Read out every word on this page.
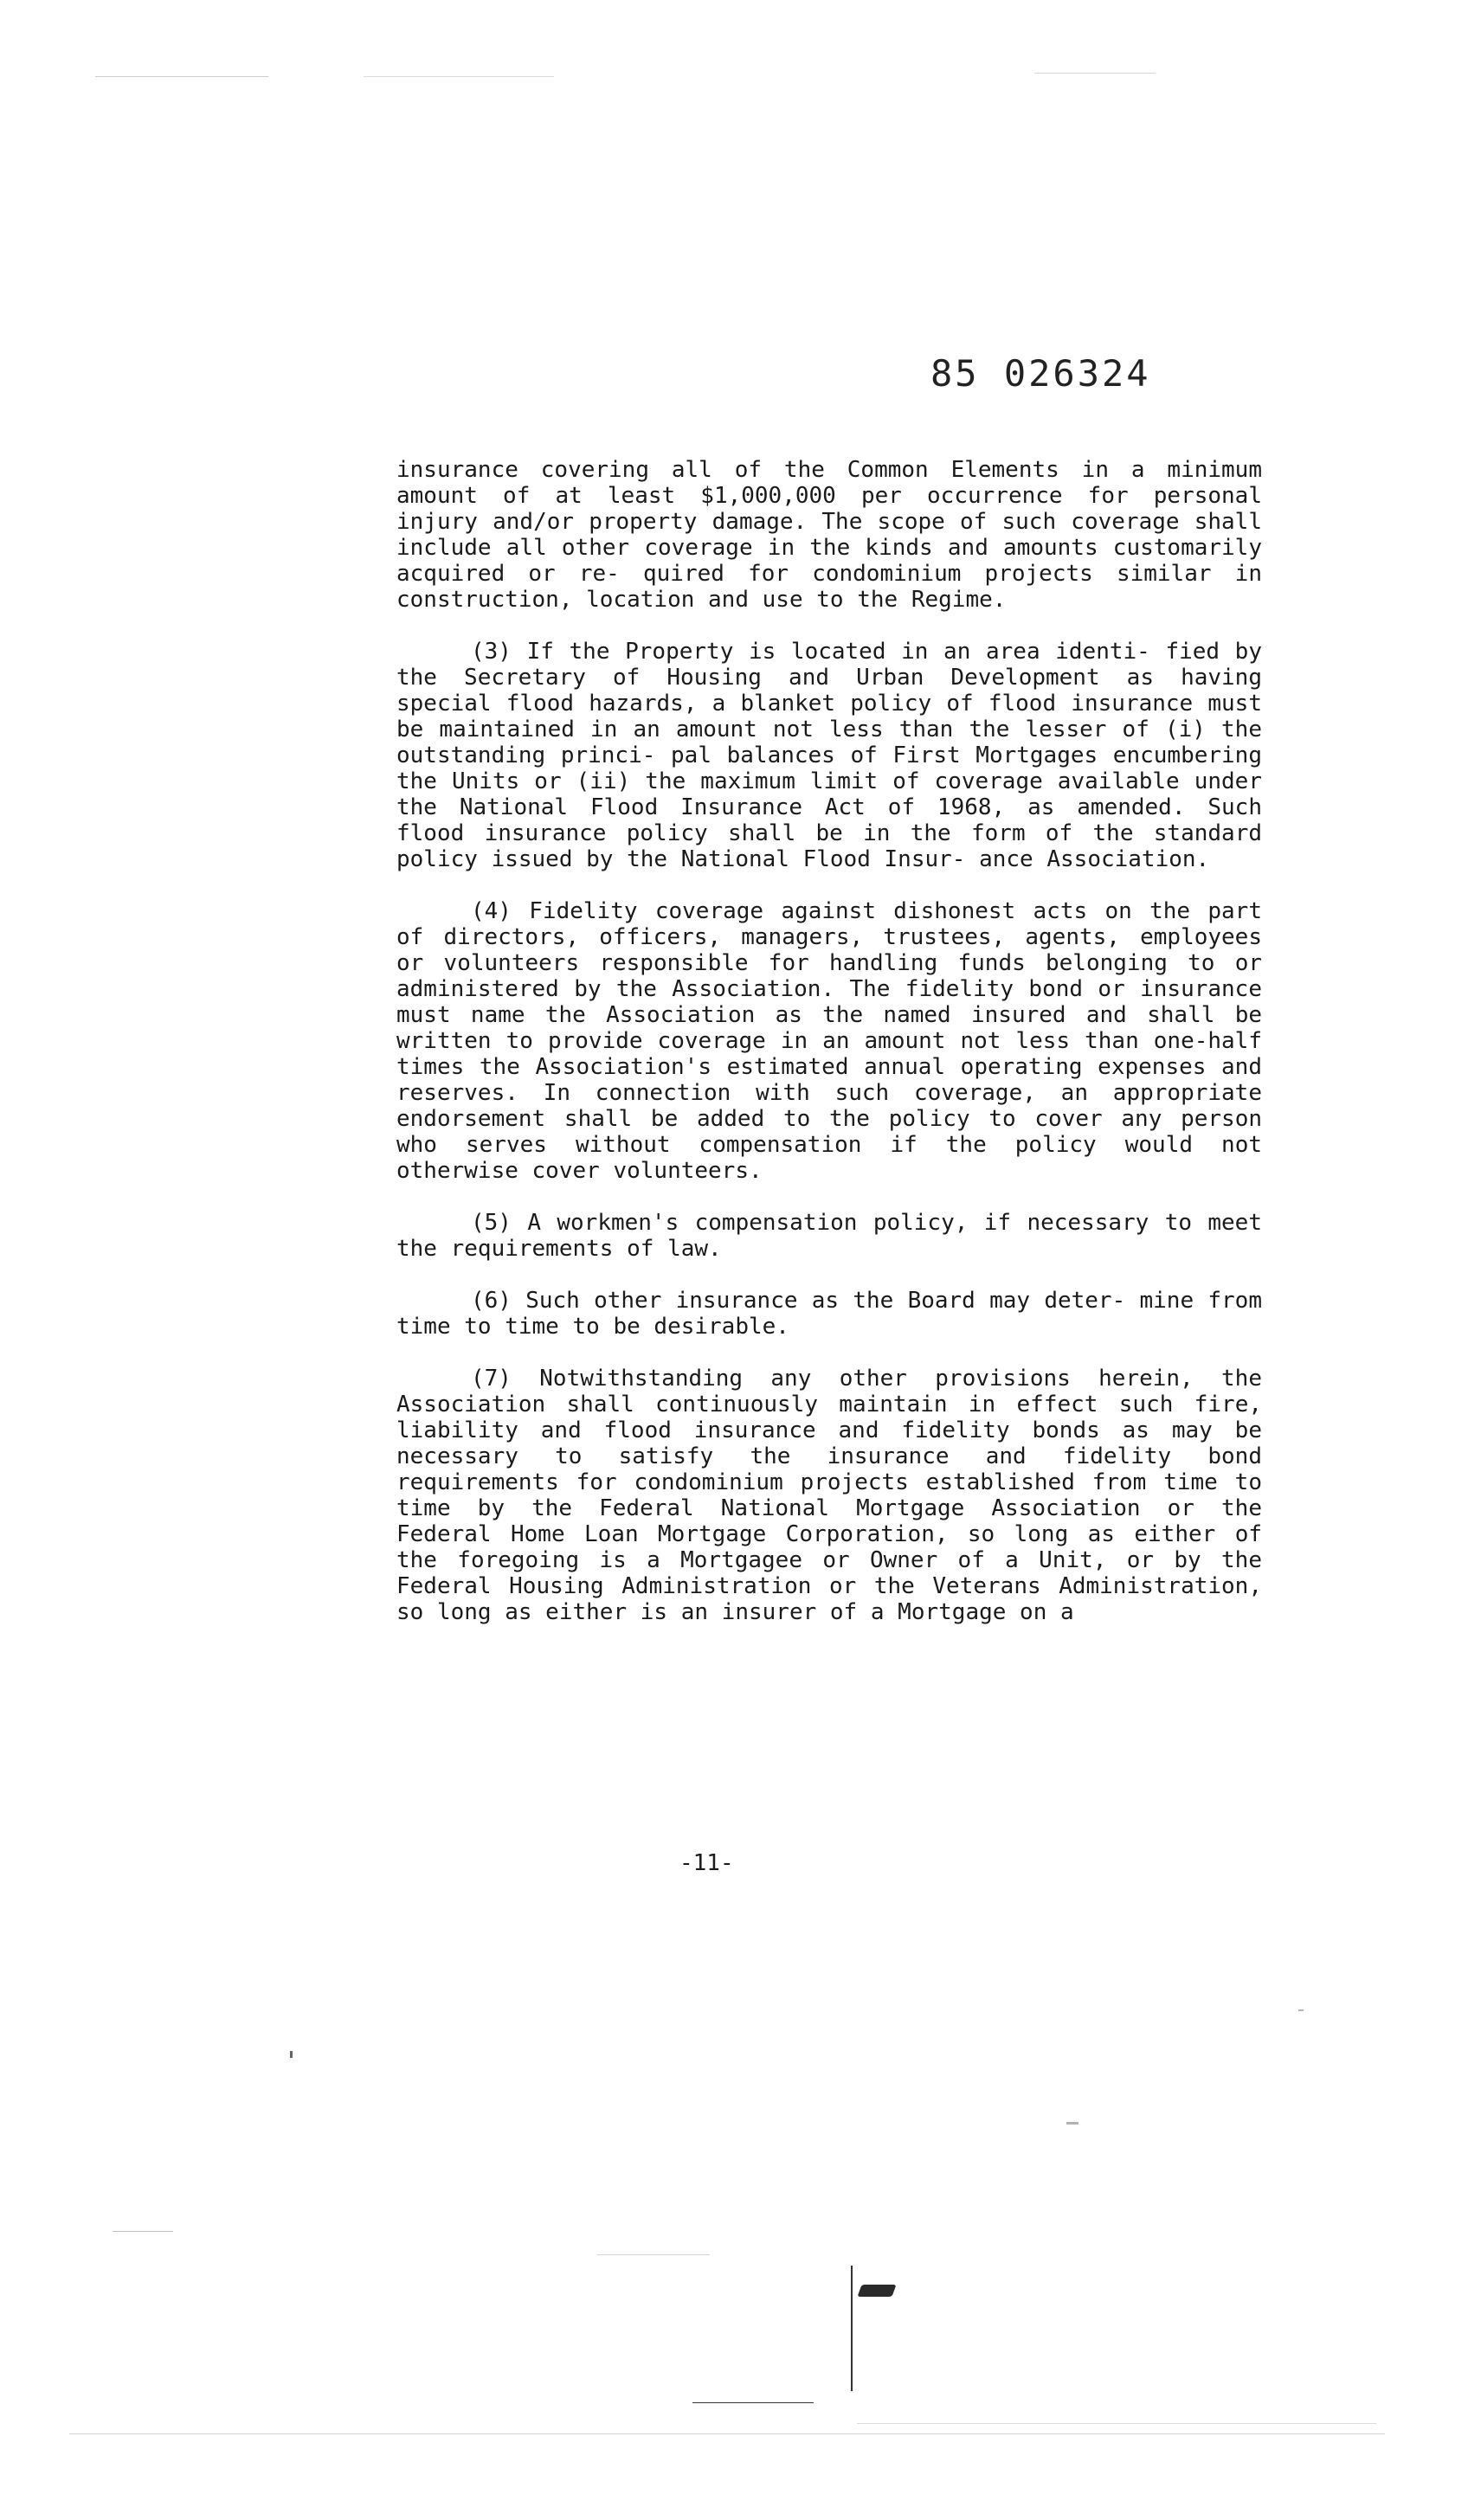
85 026324

insurance covering all of the Common Elements in a minimum amount of at least $1,000,000 per occurrence for personal injury and/or property damage. The scope of such coverage shall include all other coverage in the kinds and amounts customarily acquired or re- quired for condominium projects similar in construction, location and use to the Regime.

(3) If the Property is located in an area identi- fied by the Secretary of Housing and Urban Development as having special flood hazards, a blanket policy of flood insurance must be maintained in an amount not less than the lesser of (i) the outstanding princi- pal balances of First Mortgages encumbering the Units or (ii) the maximum limit of coverage available under the National Flood Insurance Act of 1968, as amended. Such flood insurance policy shall be in the form of the standard policy issued by the National Flood Insur- ance Association.

(4) Fidelity coverage against dishonest acts on the part of directors, officers, managers, trustees, agents, employees or volunteers responsible for handling funds belonging to or administered by the Association. The fidelity bond or insurance must name the Association as the named insured and shall be written to provide coverage in an amount not less than one-half times the Association's estimated annual operating expenses and reserves. In connection with such coverage, an appropriate endorsement shall be added to the policy to cover any person who serves without compensation if the policy would not otherwise cover volunteers.

(5) A workmen's compensation policy, if necessary to meet the requirements of law.

(6) Such other insurance as the Board may deter- mine from time to time to be desirable.

(7) Notwithstanding any other provisions herein, the Association shall continuously maintain in effect such fire, liability and flood insurance and fidelity bonds as may be necessary to satisfy the insurance and fidelity bond requirements for condominium projects established from time to time by the Federal National Mortgage Association or the Federal Home Loan Mortgage Corporation, so long as either of the foregoing is a Mortgagee or Owner of a Unit, or by the Federal Housing Administration or the Veterans Administration, so long as either is an insurer of a Mortgage on a

-11-
